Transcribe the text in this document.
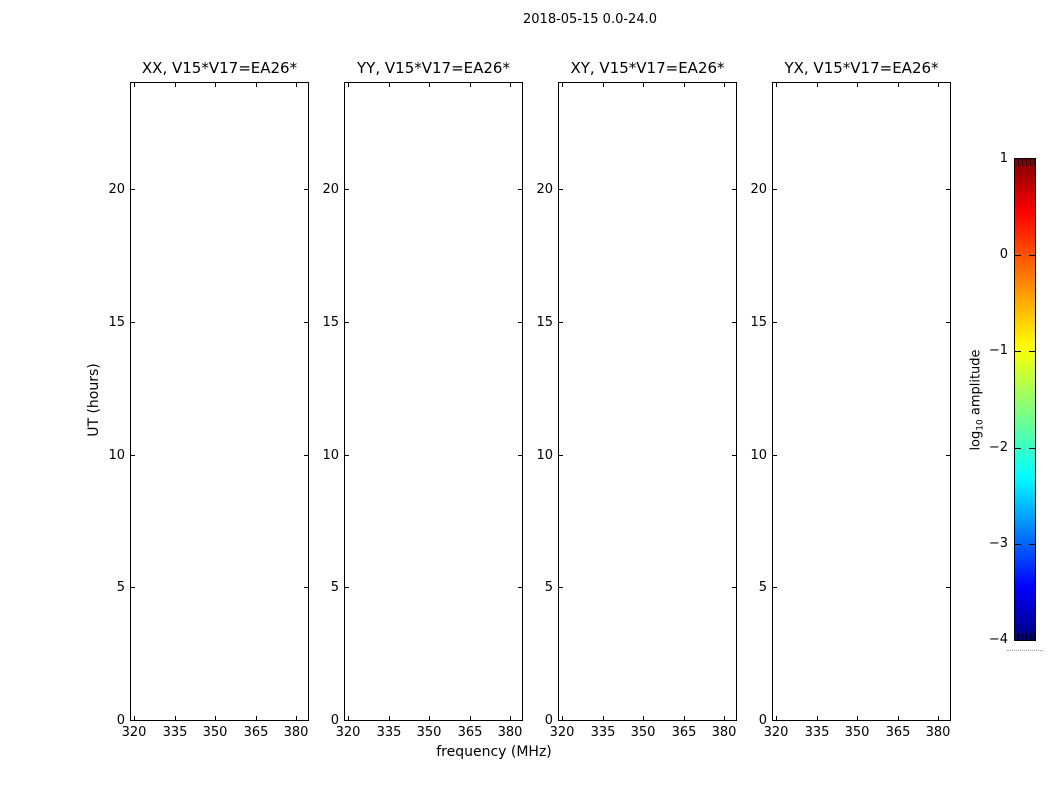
2018-05-15 0.0-24.0
XX, V15*V17=EA26*
320 335 350 365 380
0
5
10
15
20
YY, V15*V17=EA26*
320 335 350 365 380
0
5
10
15
20
XY, V15*V17=EA26*
320 335 350 365 380
0
5
10
15
20
YX, V15*V17=EA26*
320 335 350 365 380
0
5
10
15
20
UT (hours)
frequency (MHz)
$\log_{10}$ amplitude
1
0
−1
−2
−3
−4
